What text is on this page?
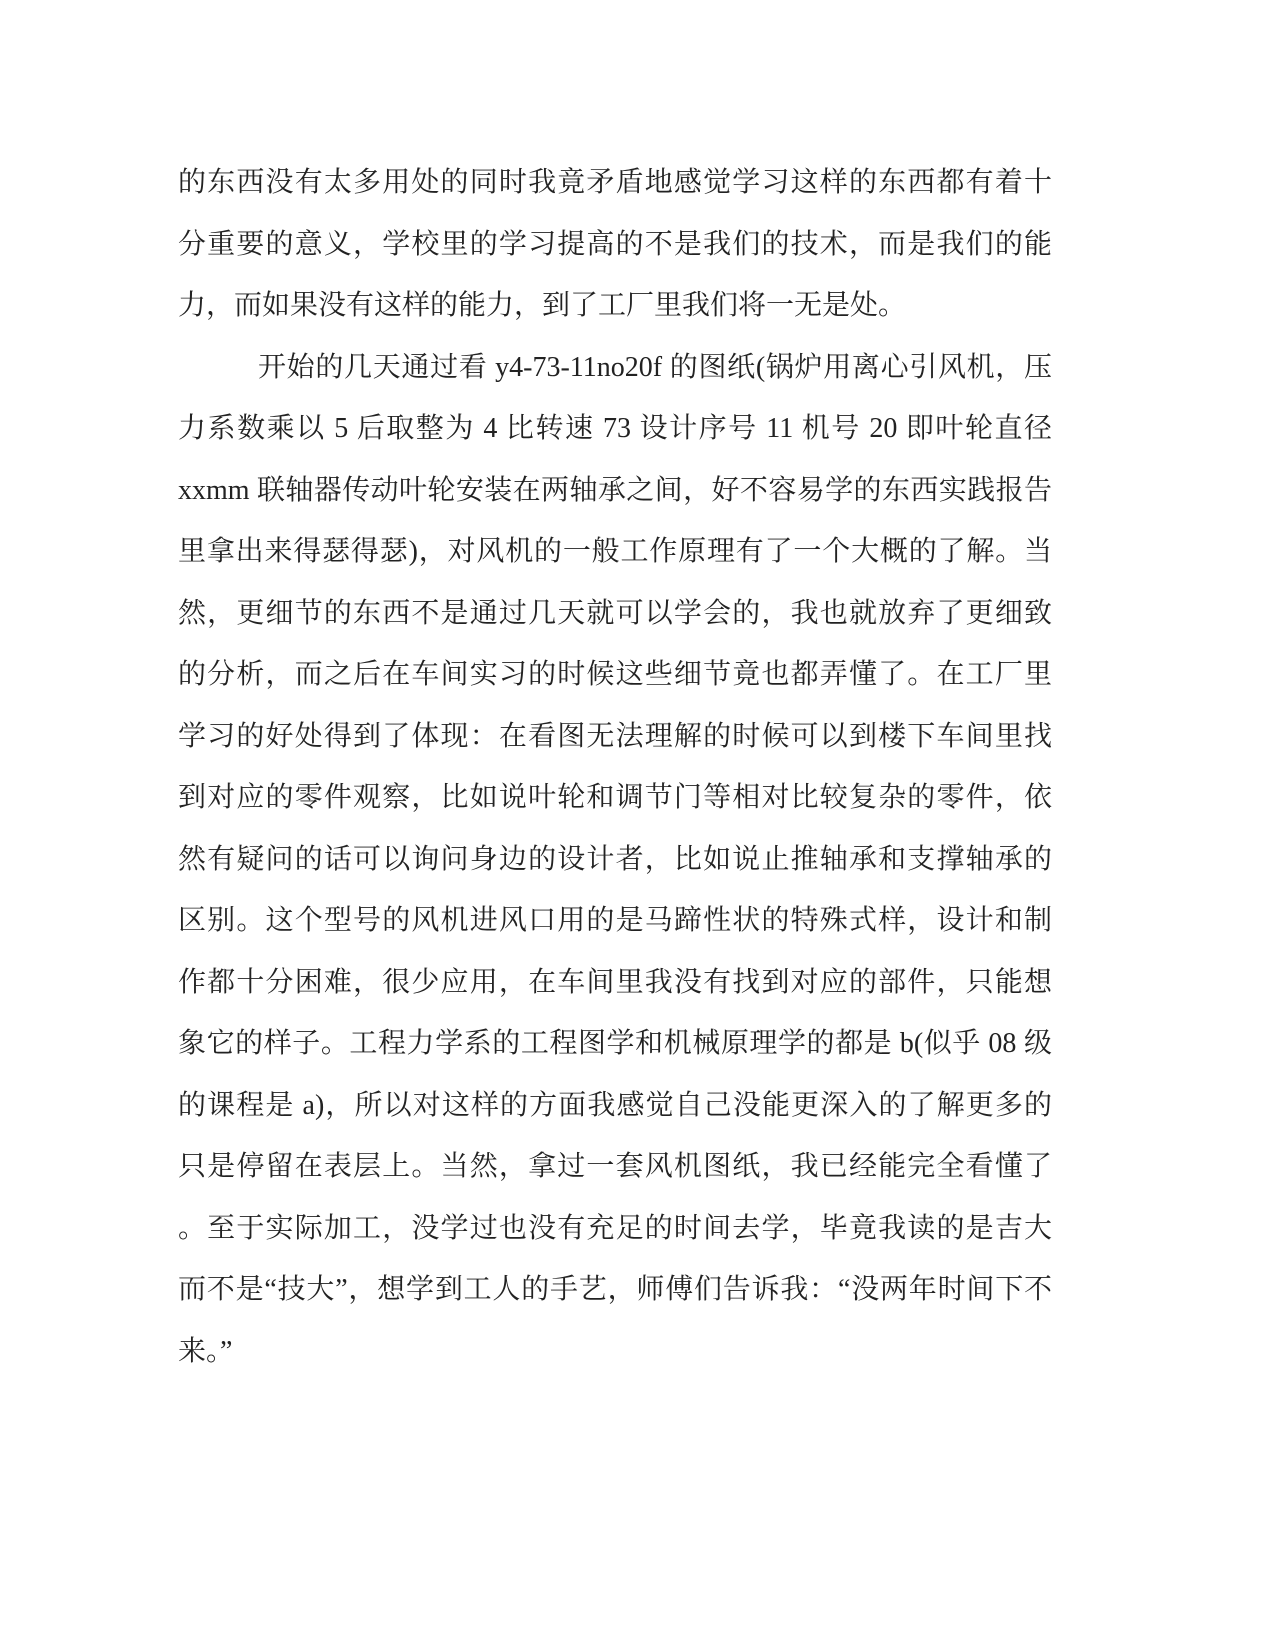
的东西没有太多用处的同时我竟矛盾地感觉学习这样的东西都有着十
分重要的意义，学校里的学习提高的不是我们的技术，而是我们的能
力，而如果没有这样的能力，到了工厂里我们将一无是处。
开始的几天通过看 y4-73-11no20f 的图纸(锅炉用离心引风机，压
力系数乘以 5 后取整为 4 比转速 73 设计序号 11 机号 20 即叶轮直径
xxmm 联轴器传动叶轮安装在两轴承之间，好不容易学的东西实践报告
里拿出来得瑟得瑟)，对风机的一般工作原理有了一个大概的了解。当
然，更细节的东西不是通过几天就可以学会的，我也就放弃了更细致
的分析，而之后在车间实习的时候这些细节竟也都弄懂了。在工厂里
学习的好处得到了体现：在看图无法理解的时候可以到楼下车间里找
到对应的零件观察，比如说叶轮和调节门等相对比较复杂的零件，依
然有疑问的话可以询问身边的设计者，比如说止推轴承和支撑轴承的
区别。这个型号的风机进风口用的是马蹄性状的特殊式样，设计和制
作都十分困难，很少应用，在车间里我没有找到对应的部件，只能想
象它的样子。工程力学系的工程图学和机械原理学的都是 b(似乎 08 级
的课程是 a)，所以对这样的方面我感觉自己没能更深入的了解更多的
只是停留在表层上。当然，拿过一套风机图纸，我已经能完全看懂了
。至于实际加工，没学过也没有充足的时间去学，毕竟我读的是吉大
而不是“技大”，想学到工人的手艺，师傅们告诉我：“没两年时间下不
来。”
